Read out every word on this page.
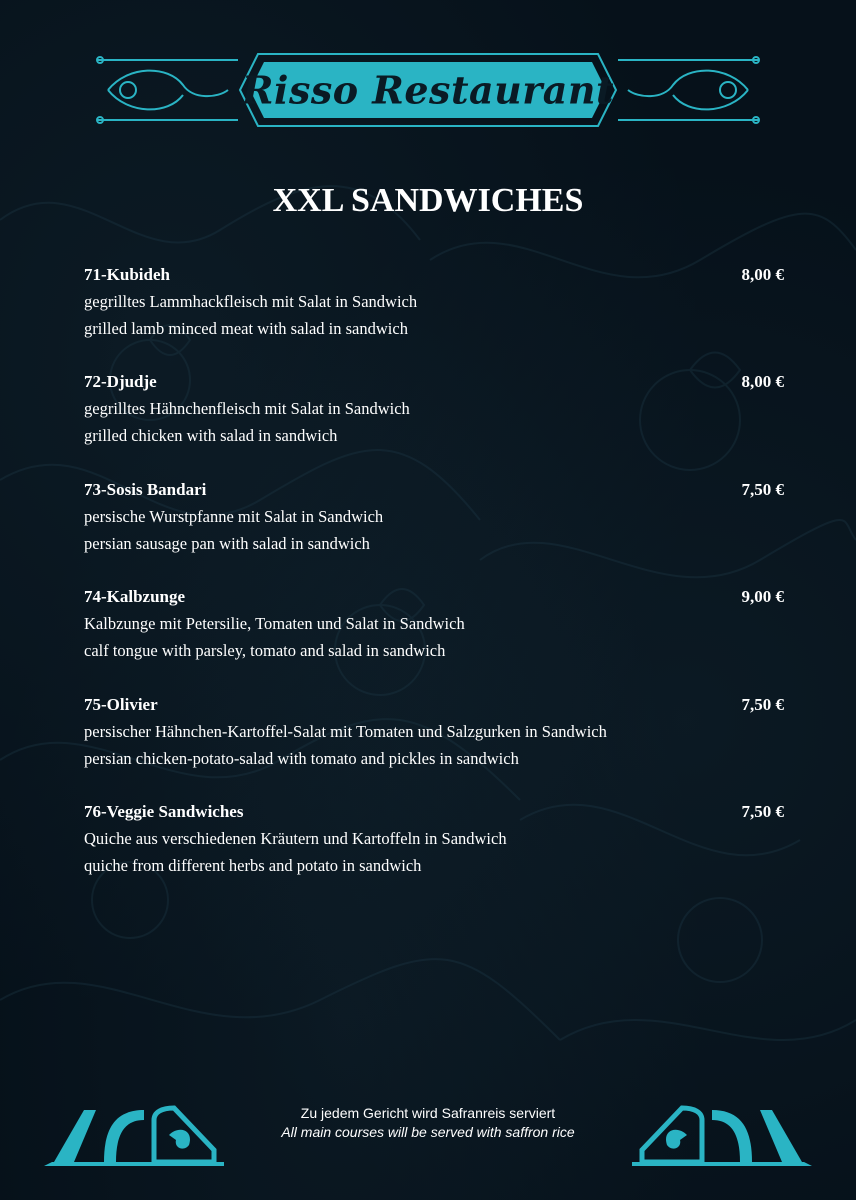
Risso Restaurant
XXL SANDWICHES
71-Kubideh	8,00 €
gegrilltes Lammhackfleisch mit Salat in Sandwich
grilled lamb minced meat with salad in sandwich
72-Djudje	8,00 €
gegrilltes Hähnchenfleisch mit Salat in Sandwich
grilled chicken with salad in sandwich
73-Sosis Bandari	7,50 €
persische Wurstpfanne mit Salat in Sandwich
persian sausage pan with salad in sandwich
74-Kalbzunge	9,00 €
Kalbzunge mit Petersilie, Tomaten und Salat in Sandwich
calf tongue with parsley, tomato and salad in sandwich
75-Olivier	7,50 €
persischer Hähnchen-Kartoffel-Salat mit Tomaten und Salzgurken in Sandwich
persian chicken-potato-salad with tomato and pickles in sandwich
76-Veggie Sandwiches	7,50 €
Quiche aus verschiedenen Kräutern und Kartoffeln in Sandwich
quiche from different herbs and potato in sandwich
Zu jedem Gericht wird Safranreis serviert
All main courses will be served with saffron rice
